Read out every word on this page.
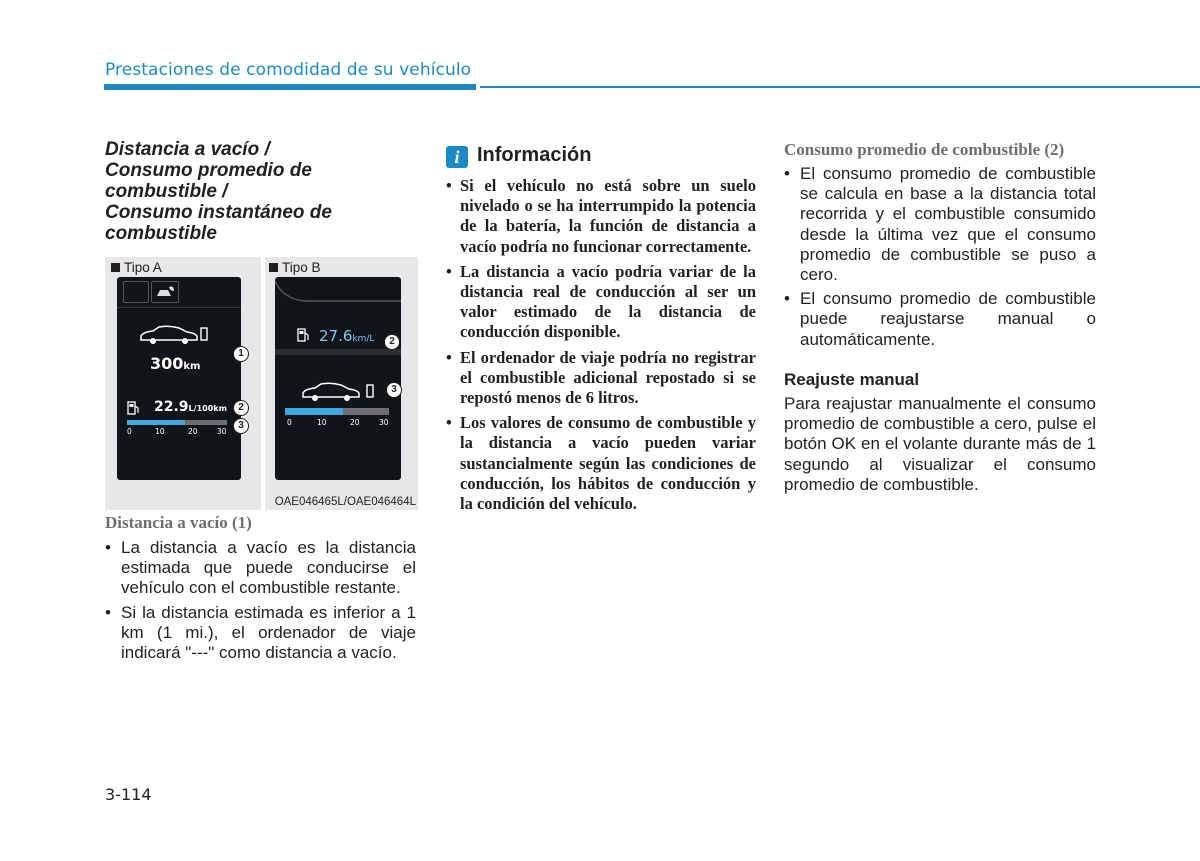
Prestaciones de comodidad de su vehículo
Distancia a vacío /
Consumo promedio de
combustible /
Consumo instantáneo de
combustible
Tipo A	Tipo B
300km
22.9L/100km
0	10	20	30
1
2
3
27.6km/L
0	10	20	30
2
3
OAE046465L/OAE046464L
Distancia a vacío (1)
• La distancia a vacío es la distancia estimada que puede conducirse el vehículo con el combustible restante.
• Si la distancia estimada es inferior a 1 km (1 mi.), el ordenador de viaje indicará "---" como distancia a vacío.
i Información
• Si el vehículo no está sobre un suelo nivelado o se ha interrumpido la potencia de la batería, la función de distancia a vacío podría no funcionar correctamente.
• La distancia a vacío podría variar de la distancia real de conducción al ser un valor estimado de la distancia de conducción disponible.
• El ordenador de viaje podría no registrar el combustible adicional repostado si se repostó menos de 6 litros.
• Los valores de consumo de combustible y la distancia a vacío pueden variar sustancialmente según las condiciones de conducción, los hábitos de conducción y la condición del vehículo.
Consumo promedio de combustible (2)
• El consumo promedio de combustible se calcula en base a la distancia total recorrida y el combustible consumido desde la última vez que el consumo promedio de combustible se puso a cero.
• El consumo promedio de combustible puede reajustarse manual o automáticamente.
Reajuste manual
Para reajustar manualmente el consumo promedio de combustible a cero, pulse el botón OK en el volante durante más de 1 segundo al visualizar el consumo promedio de combustible.
3-114
